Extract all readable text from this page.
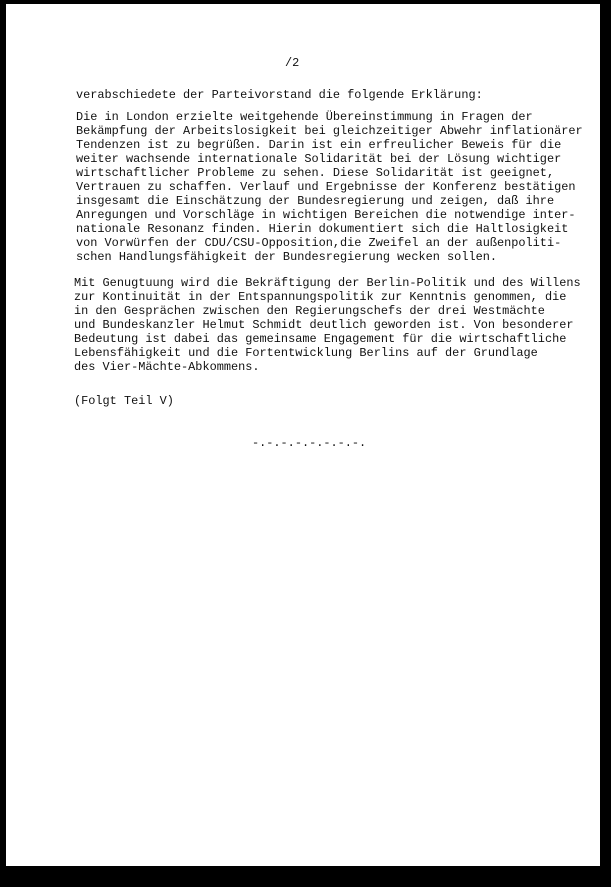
/2
verabschiedete der Parteivorstand die folgende Erklärung:
Die in London erzielte weitgehende Übereinstimmung in Fragen der
Bekämpfung der Arbeitslosigkeit bei gleichzeitiger Abwehr inflationärer
Tendenzen ist zu begrüßen. Darin ist ein erfreulicher Beweis für die
weiter wachsende internationale Solidarität bei der Lösung wichtiger
wirtschaftlicher Probleme zu sehen. Diese Solidarität ist geeignet,
Vertrauen zu schaffen. Verlauf und Ergebnisse der Konferenz bestätigen
insgesamt die Einschätzung der Bundesregierung und zeigen, daß ihre
Anregungen und Vorschläge in wichtigen Bereichen die notwendige inter-
nationale Resonanz finden. Hierin dokumentiert sich die Haltlosigkeit
von Vorwürfen der CDU/CSU-Opposition,die Zweifel an der außenpoliti-
schen Handlungsfähigkeit der Bundesregierung wecken sollen.
Mit Genugtuung wird die Bekräftigung der Berlin-Politik und des Willens
zur Kontinuität in der Entspannungspolitik zur Kenntnis genommen, die
in den Gesprächen zwischen den Regierungschefs der drei Westmächte
und Bundeskanzler Helmut Schmidt deutlich geworden ist. Von besonderer
Bedeutung ist dabei das gemeinsame Engagement für die wirtschaftliche
Lebensfähigkeit und die Fortentwicklung Berlins auf der Grundlage
des Vier-Mächte-Abkommens.
(Folgt Teil V)
-.-.-.-.-.-.-.-.
